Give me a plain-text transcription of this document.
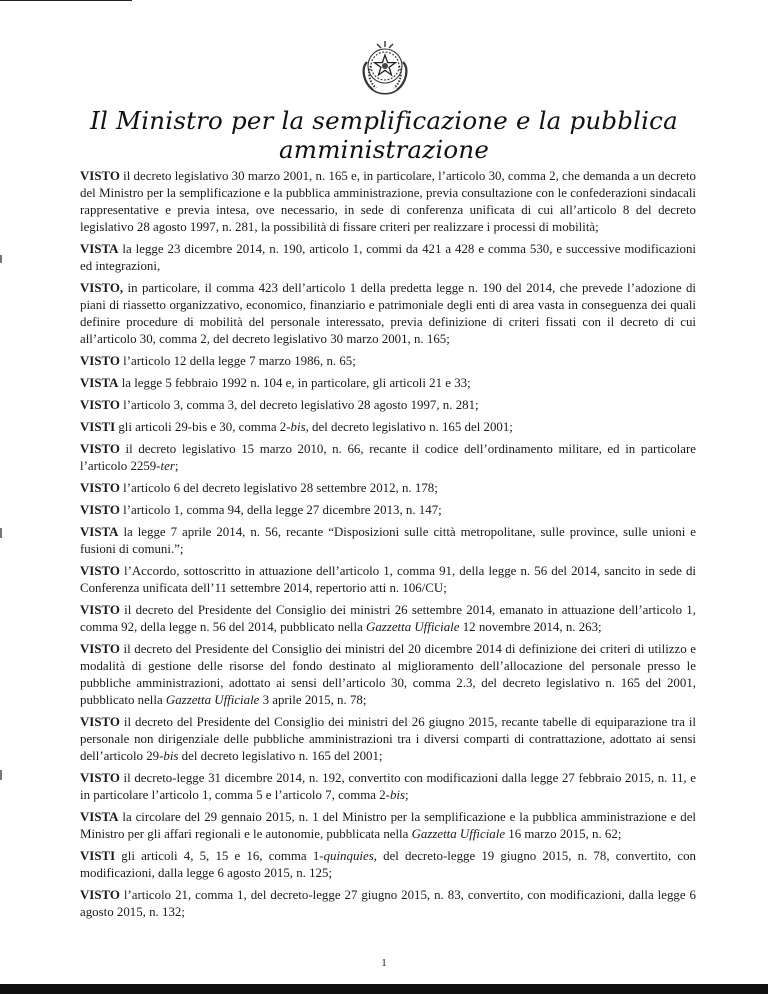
Il Ministro per la semplificazione e la pubblica amministrazione

VISTO il decreto legislativo 30 marzo 2001, n. 165 e, in particolare, l’articolo 30, comma 2, che demanda a un decreto del Ministro per la semplificazione e la pubblica amministrazione, previa consultazione con le confederazioni sindacali rappresentative e previa intesa, ove necessario, in sede di conferenza unificata di cui all’articolo 8 del decreto legislativo 28 agosto 1997, n. 281, la possibilità di fissare criteri per realizzare i processi di mobilità;

VISTA la legge 23 dicembre 2014, n. 190, articolo 1, commi da 421 a 428 e comma 530, e successive modificazioni ed integrazioni,

VISTO, in particolare, il comma 423 dell’articolo 1 della predetta legge n. 190 del 2014, che prevede l’adozione di piani di riassetto organizzativo, economico, finanziario e patrimoniale degli enti di area vasta in conseguenza dei quali definire procedure di mobilità del personale interessato, previa definizione di criteri fissati con il decreto di cui all’articolo 30, comma 2, del decreto legislativo 30 marzo 2001, n. 165;

VISTO l’articolo 12 della legge 7 marzo 1986, n. 65;

VISTA la legge 5 febbraio 1992 n. 104 e, in particolare, gli articoli 21 e 33;

VISTO l’articolo 3, comma 3, del decreto legislativo 28 agosto 1997, n. 281;

VISTI gli articoli 29-bis e 30, comma 2-bis, del decreto legislativo n. 165 del 2001;

VISTO il decreto legislativo 15 marzo 2010, n. 66, recante il codice dell’ordinamento militare, ed in particolare l’articolo 2259-ter;

VISTO l’articolo 6 del decreto legislativo 28 settembre 2012, n. 178;

VISTO l’articolo 1, comma 94, della legge 27 dicembre 2013, n. 147;

VISTA la legge 7 aprile 2014, n. 56, recante “Disposizioni sulle città metropolitane, sulle province, sulle unioni e fusioni di comuni.”;

VISTO l’Accordo, sottoscritto in attuazione dell’articolo 1, comma 91, della legge n. 56 del 2014, sancito in sede di Conferenza unificata dell’11 settembre 2014, repertorio atti n. 106/CU;

VISTO il decreto del Presidente del Consiglio dei ministri 26 settembre 2014, emanato in attuazione dell’articolo 1, comma 92, della legge n. 56 del 2014, pubblicato nella Gazzetta Ufficiale 12 novembre 2014, n. 263;

VISTO il decreto del Presidente del Consiglio dei ministri del 20 dicembre 2014 di definizione dei criteri di utilizzo e modalità di gestione delle risorse del fondo destinato al miglioramento dell’allocazione del personale presso le pubbliche amministrazioni, adottato ai sensi dell’articolo 30, comma 2.3, del decreto legislativo n. 165 del 2001, pubblicato nella Gazzetta Ufficiale 3 aprile 2015, n. 78;

VISTO il decreto del Presidente del Consiglio dei ministri del 26 giugno 2015, recante tabelle di equiparazione tra il personale non dirigenziale delle pubbliche amministrazioni tra i diversi comparti di contrattazione, adottato ai sensi dell’articolo 29-bis del decreto legislativo n. 165 del 2001;

VISTO il decreto-legge 31 dicembre 2014, n. 192, convertito con modificazioni dalla legge 27 febbraio 2015, n. 11, e in particolare l’articolo 1, comma 5 e l’articolo 7, comma 2-bis;

VISTA la circolare del 29 gennaio 2015, n. 1 del Ministro per la semplificazione e la pubblica amministrazione e del Ministro per gli affari regionali e le autonomie, pubblicata nella Gazzetta Ufficiale 16 marzo 2015, n. 62;

VISTI gli articoli 4, 5, 15 e 16, comma 1-quinquies, del decreto-legge 19 giugno 2015, n. 78, convertito, con modificazioni, dalla legge 6 agosto 2015, n. 125;

VISTO l’articolo 21, comma 1, del decreto-legge 27 giugno 2015, n. 83, convertito, con modificazioni, dalla legge 6 agosto 2015, n. 132;

1
